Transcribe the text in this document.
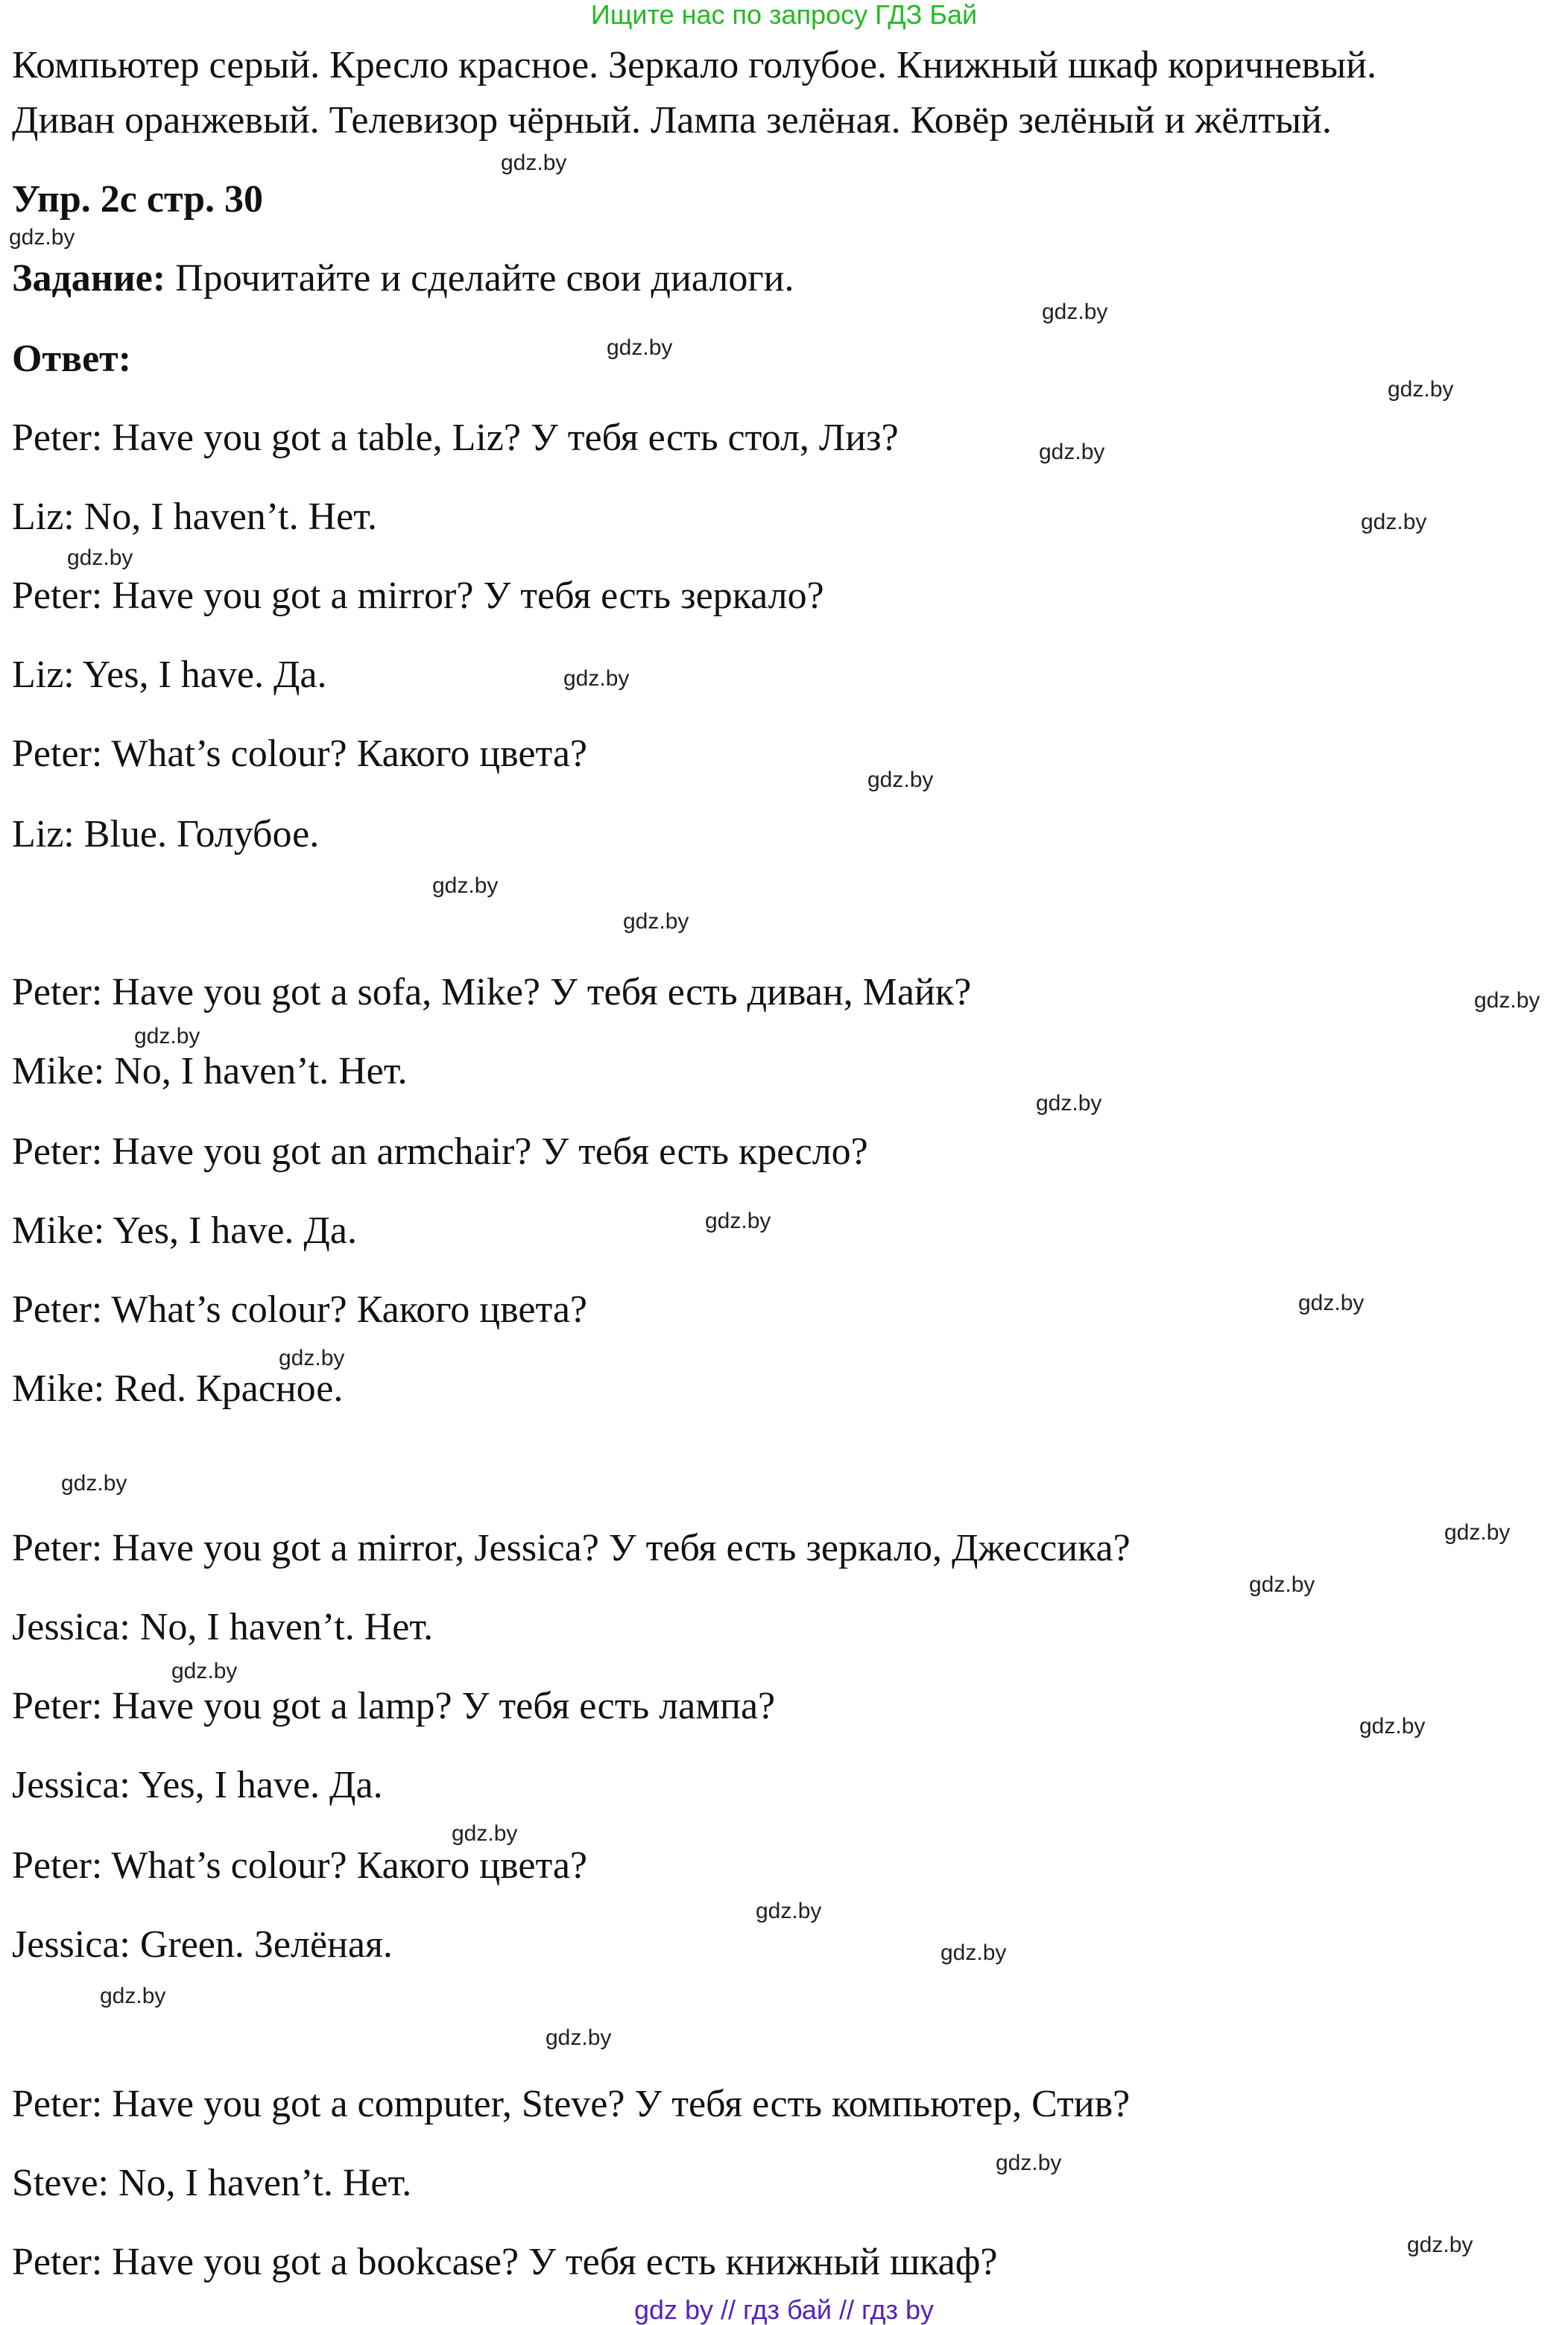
Ищите нас по запросу ГДЗ Бай
Компьютер серый. Кресло красное. Зеркало голубое. Книжный шкаф коричневый.
Диван оранжевый. Телевизор чёрный. Лампа зелёная. Ковёр зелёный и жёлтый.
Упр. 2с стр. 30
Задание: Прочитайте и сделайте свои диалоги.
Ответ:
Peter: Have you got a table, Liz? У тебя есть стол, Лиз?
Liz: No, I haven’t. Нет.
Peter: Have you got a mirror? У тебя есть зеркало?
Liz: Yes, I have. Да.
Peter: What’s colour? Какого цвета?
Liz: Blue. Голубое.
Peter: Have you got a sofa, Mike? У тебя есть диван, Майк?
Mike: No, I haven’t. Нет.
Peter: Have you got an armchair? У тебя есть кресло?
Mike: Yes, I have. Да.
Peter: What’s colour? Какого цвета?
Mike: Red. Красное.
Peter: Have you got a mirror, Jessica? У тебя есть зеркало, Джессика?
Jessica: No, I haven’t. Нет.
Peter: Have you got a lamp? У тебя есть лампа?
Jessica: Yes, I have. Да.
Peter: What’s colour? Какого цвета?
Jessica: Green. Зелёная.
Peter: Have you got a computer, Steve? У тебя есть компьютер, Стив?
Steve: No, I haven’t. Нет.
Peter: Have you got a bookcase? У тебя есть книжный шкаф?
gdz.by
gdz.by
gdz.by
gdz.by
gdz.by
gdz.by
gdz.by
gdz.by
gdz.by
gdz.by
gdz.by
gdz.by
gdz.by
gdz.by
gdz.by
gdz.by
gdz.by
gdz.by
gdz.by
gdz.by
gdz.by
gdz.by
gdz.by
gdz.by
gdz.by
gdz.by
gdz.by
gdz.by
gdz.by
gdz.by
gdz by // гдз бай // гдз by
